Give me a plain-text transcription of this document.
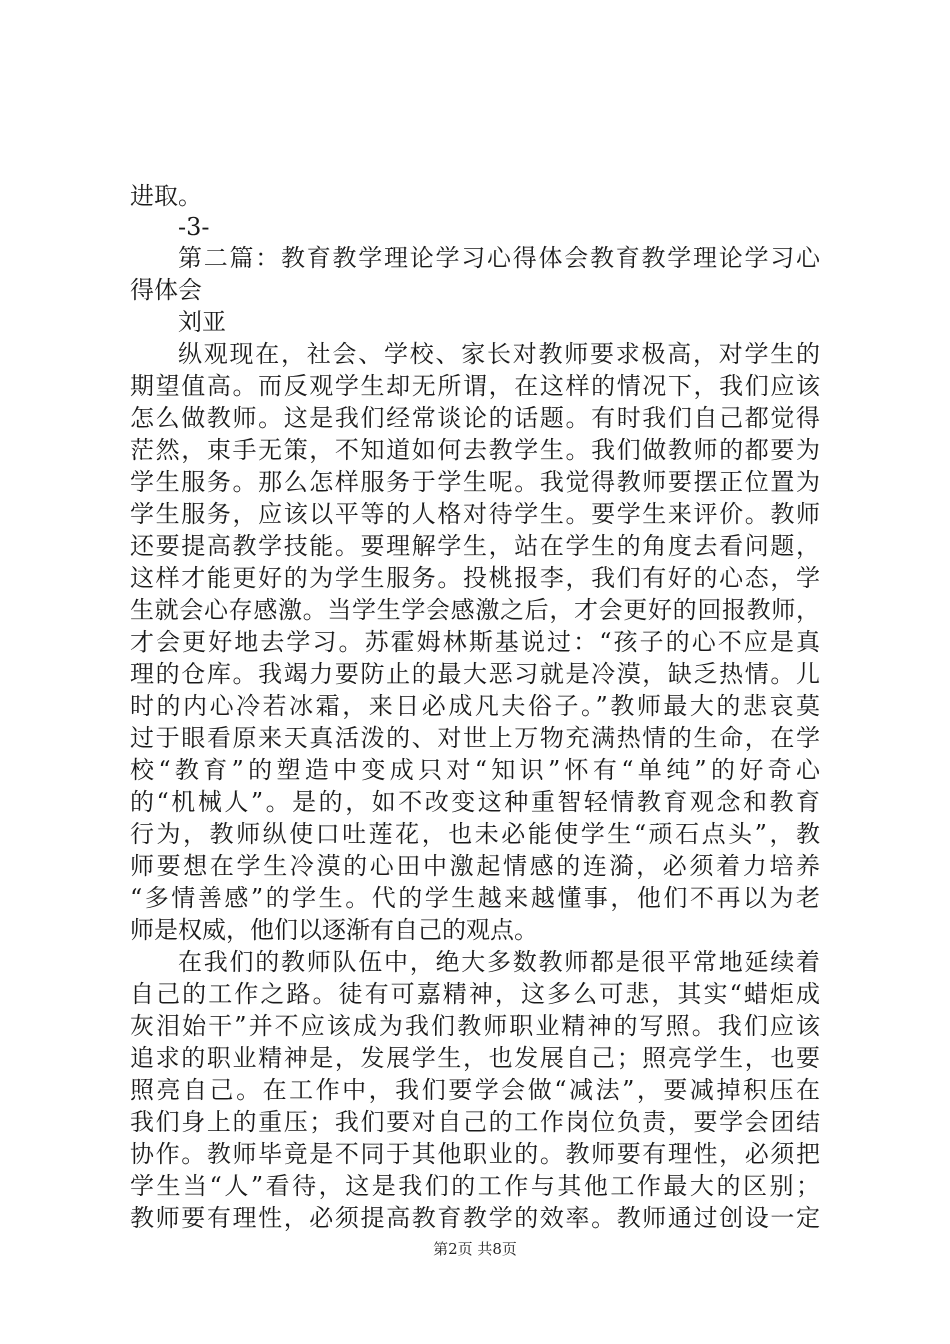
进取。
-3-
第二篇：教育教学理论学习心得体会教育教学理论学习心
得体会
刘亚
纵观现在，社会、学校、家长对教师要求极高，对学生的
期望值高。而反观学生却无所谓，在这样的情况下，我们应该
怎么做教师。这是我们经常谈论的话题。有时我们自己都觉得
茫然，束手无策，不知道如何去教学生。我们做教师的都要为
学生服务。那么怎样服务于学生呢。我觉得教师要摆正位置为
学生服务，应该以平等的人格对待学生。要学生来评价。教师
还要提高教学技能。要理解学生，站在学生的角度去看问题，
这样才能更好的为学生服务。投桃报李，我们有好的心态，学
生就会心存感激。当学生学会感激之后，才会更好的回报教师，
才会更好地去学习。苏霍姆林斯基说过：“孩子的心不应是真
理的仓库。我竭力要防止的最大恶习就是冷漠，缺乏热情。儿
时的内心冷若冰霜，来日必成凡夫俗子。”教师最大的悲哀莫
过于眼看原来天真活泼的、对世上万物充满热情的生命，在学
校“教育”的塑造中变成只对“知识”怀有“单纯”的好奇心
的“机械人”。是的，如不改变这种重智轻情教育观念和教育
行为，教师纵使口吐莲花，也未必能使学生“顽石点头”，教
师要想在学生冷漠的心田中激起情感的连漪，必须着力培养
“多情善感”的学生。代的学生越来越懂事，他们不再以为老
师是权威，他们以逐渐有自己的观点。
在我们的教师队伍中，绝大多数教师都是很平常地延续着
自己的工作之路。徒有可嘉精神，这多么可悲，其实“蜡炬成
灰泪始干”并不应该成为我们教师职业精神的写照。我们应该
追求的职业精神是，发展学生，也发展自己；照亮学生，也要
照亮自己。在工作中，我们要学会做“减法”，要减掉积压在
我们身上的重压；我们要对自己的工作岗位负责，要学会团结
协作。教师毕竟是不同于其他职业的。教师要有理性，必须把
学生当“人”看待，这是我们的工作与其他工作最大的区别；
教师要有理性，必须提高教育教学的效率。教师通过创设一定
第2页 共8页
